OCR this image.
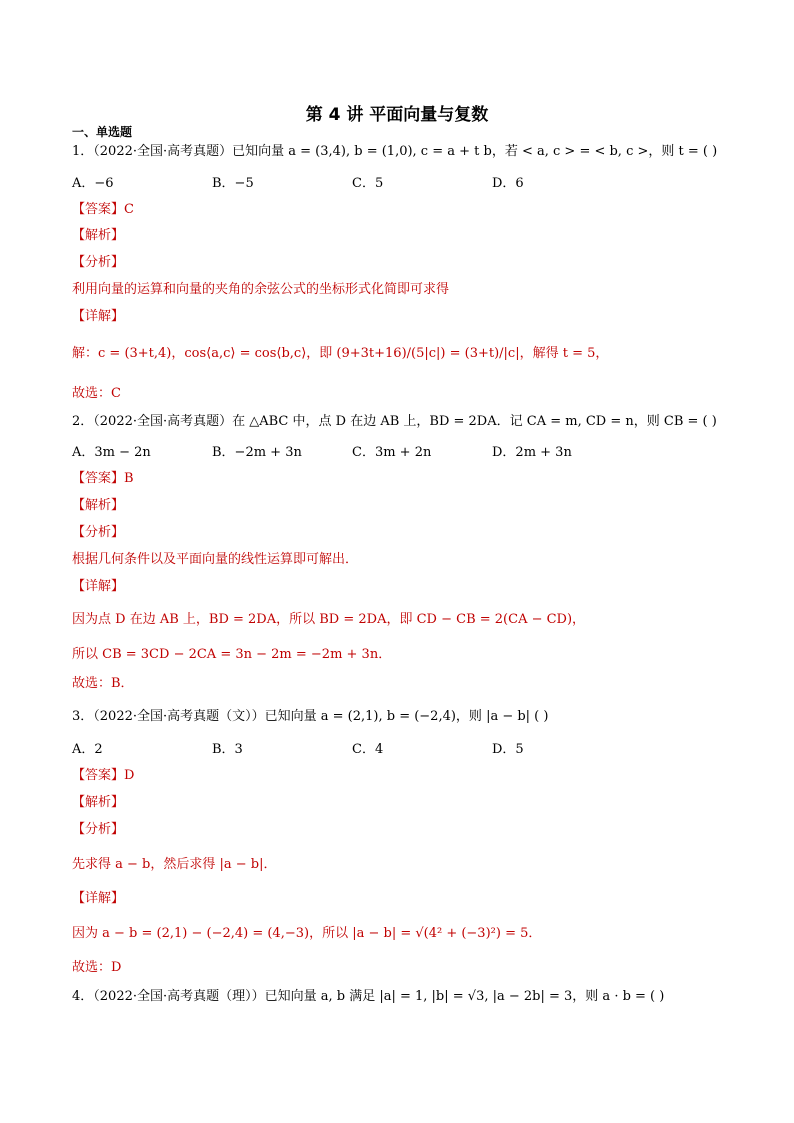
第 4 讲 平面向量与复数
一、单选题
1．（2022·全国·高考真题）已知向量 a = (3,4), b = (1,0), c = a + t b，若 < a, c > = < b, c >，则 t = ( )
A．−6	B．−5	C．5	D．6
【答案】C
【解析】
【分析】
利用向量的运算和向量的夹角的余弦公式的坐标形式化简即可求得
【详解】
解：c = (3+t,4)，cos⟨a,c⟩ = cos⟨b,c⟩，即 (9+3t+16)/(5|c|) = (3+t)/|c|，解得 t = 5，
故选：C
2．（2022·全国·高考真题）在 △ABC 中，点 D 在边 AB 上，BD = 2DA．记 CA = m, CD = n，则 CB = ( )
A．3m − 2n	B．−2m + 3n	C．3m + 2n	D．2m + 3n
【答案】B
【解析】
【分析】
根据几何条件以及平面向量的线性运算即可解出．
【详解】
因为点 D 在边 AB 上，BD = 2DA，所以 BD = 2DA，即 CD − CB = 2(CA − CD)，
所以 CB = 3CD − 2CA = 3n − 2m = −2m + 3n．
故选：B．
3．（2022·全国·高考真题（文））已知向量 a = (2,1), b = (−2,4)，则 |a − b| ( )
A．2	B．3	C．4	D．5
【答案】D
【解析】
【分析】
先求得 a − b，然后求得 |a − b|．
【详解】
因为 a − b = (2,1) − (−2,4) = (4,−3)，所以 |a − b| = √(4² + (−3)²) = 5．
故选：D
4．（2022·全国·高考真题（理））已知向量 a, b 满足 |a| = 1, |b| = √3, |a − 2b| = 3，则 a · b = ( )
